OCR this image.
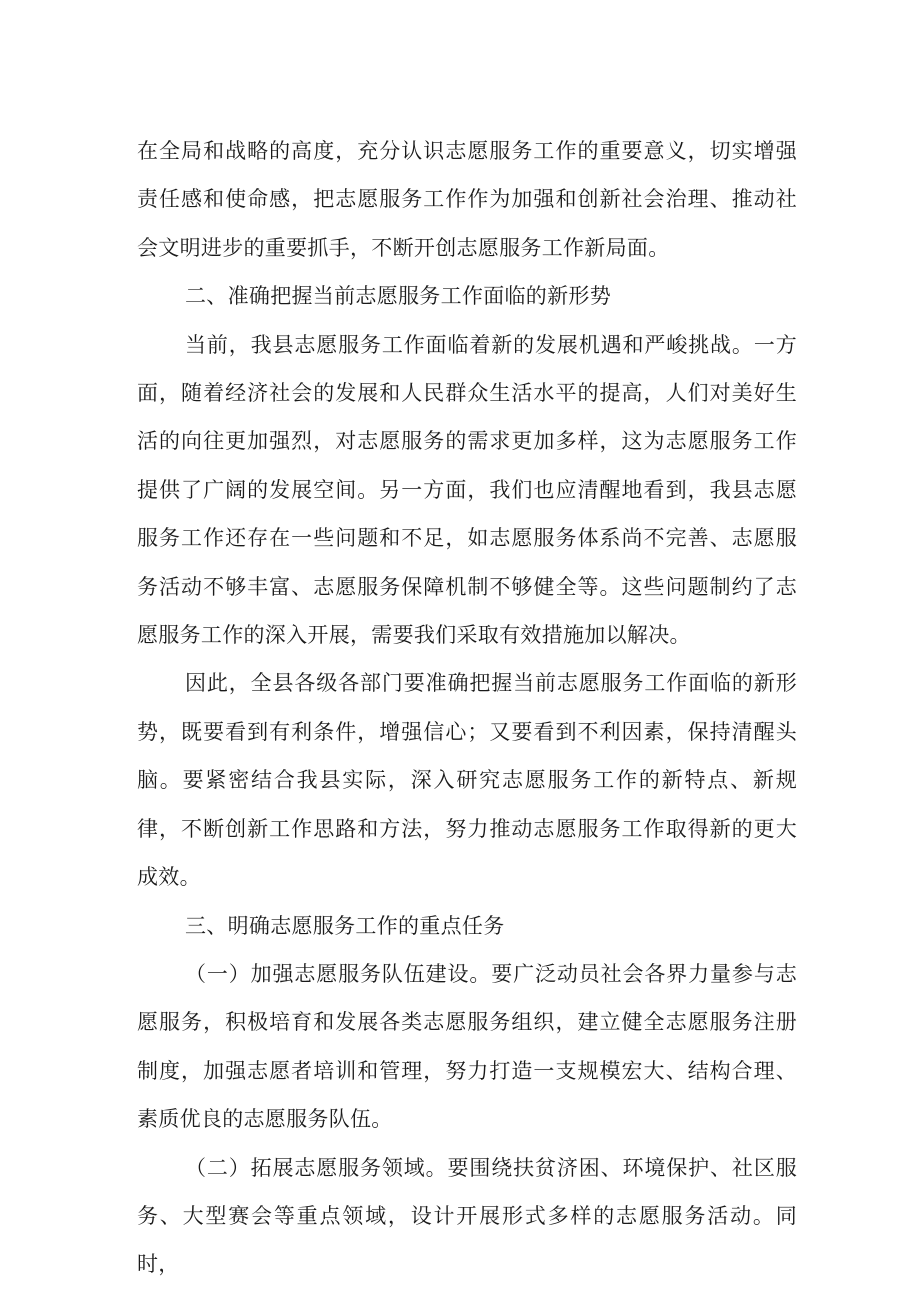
在全局和战略的高度，充分认识志愿服务工作的重要意义，切实增强责任感和使命感，把志愿服务工作作为加强和创新社会治理、推动社会文明进步的重要抓手，不断开创志愿服务工作新局面。

二、准确把握当前志愿服务工作面临的新形势

当前，我县志愿服务工作面临着新的发展机遇和严峻挑战。一方面，随着经济社会的发展和人民群众生活水平的提高，人们对美好生活的向往更加强烈，对志愿服务的需求更加多样，这为志愿服务工作提供了广阔的发展空间。另一方面，我们也应清醒地看到，我县志愿服务工作还存在一些问题和不足，如志愿服务体系尚不完善、志愿服务活动不够丰富、志愿服务保障机制不够健全等。这些问题制约了志愿服务工作的深入开展，需要我们采取有效措施加以解决。

因此，全县各级各部门要准确把握当前志愿服务工作面临的新形势，既要看到有利条件，增强信心；又要看到不利因素，保持清醒头脑。要紧密结合我县实际，深入研究志愿服务工作的新特点、新规律，不断创新工作思路和方法，努力推动志愿服务工作取得新的更大成效。

三、明确志愿服务工作的重点任务

（一）加强志愿服务队伍建设。要广泛动员社会各界力量参与志愿服务，积极培育和发展各类志愿服务组织，建立健全志愿服务注册制度，加强志愿者培训和管理，努力打造一支规模宏大、结构合理、素质优良的志愿服务队伍。

（二）拓展志愿服务领域。要围绕扶贫济困、环境保护、社区服务、大型赛会等重点领域，设计开展形式多样的志愿服务活动。同时，
